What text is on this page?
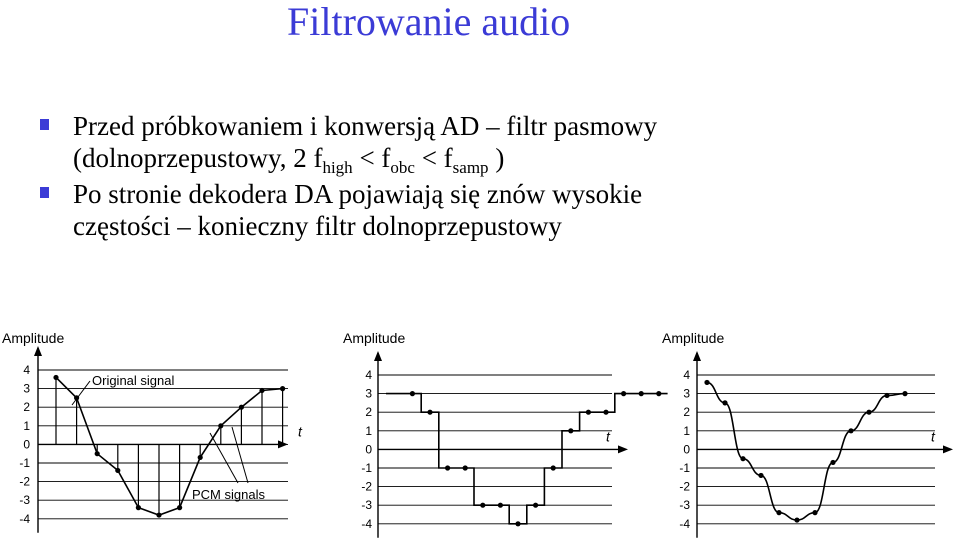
Filtrowanie audio
Przed próbkowaniem i konwersją AD – filtr pasmowy
(dolnoprzepustowy, 2 $f_{high} < f_{obc} < f_{samp}$ )
Po stronie dekodera DA pojawiają się znów wysokie
częstości – konieczny filtr dolnoprzepustowy
Amplitude
4
3
2
1
0
-1
-2
-3
-4
t
Original signal
PCM signals
Amplitude
4
3
2
1
0
-1
-2
-3
-4
t
Amplitude
4
3
2
1
0
-1
-2
-3
-4
t
